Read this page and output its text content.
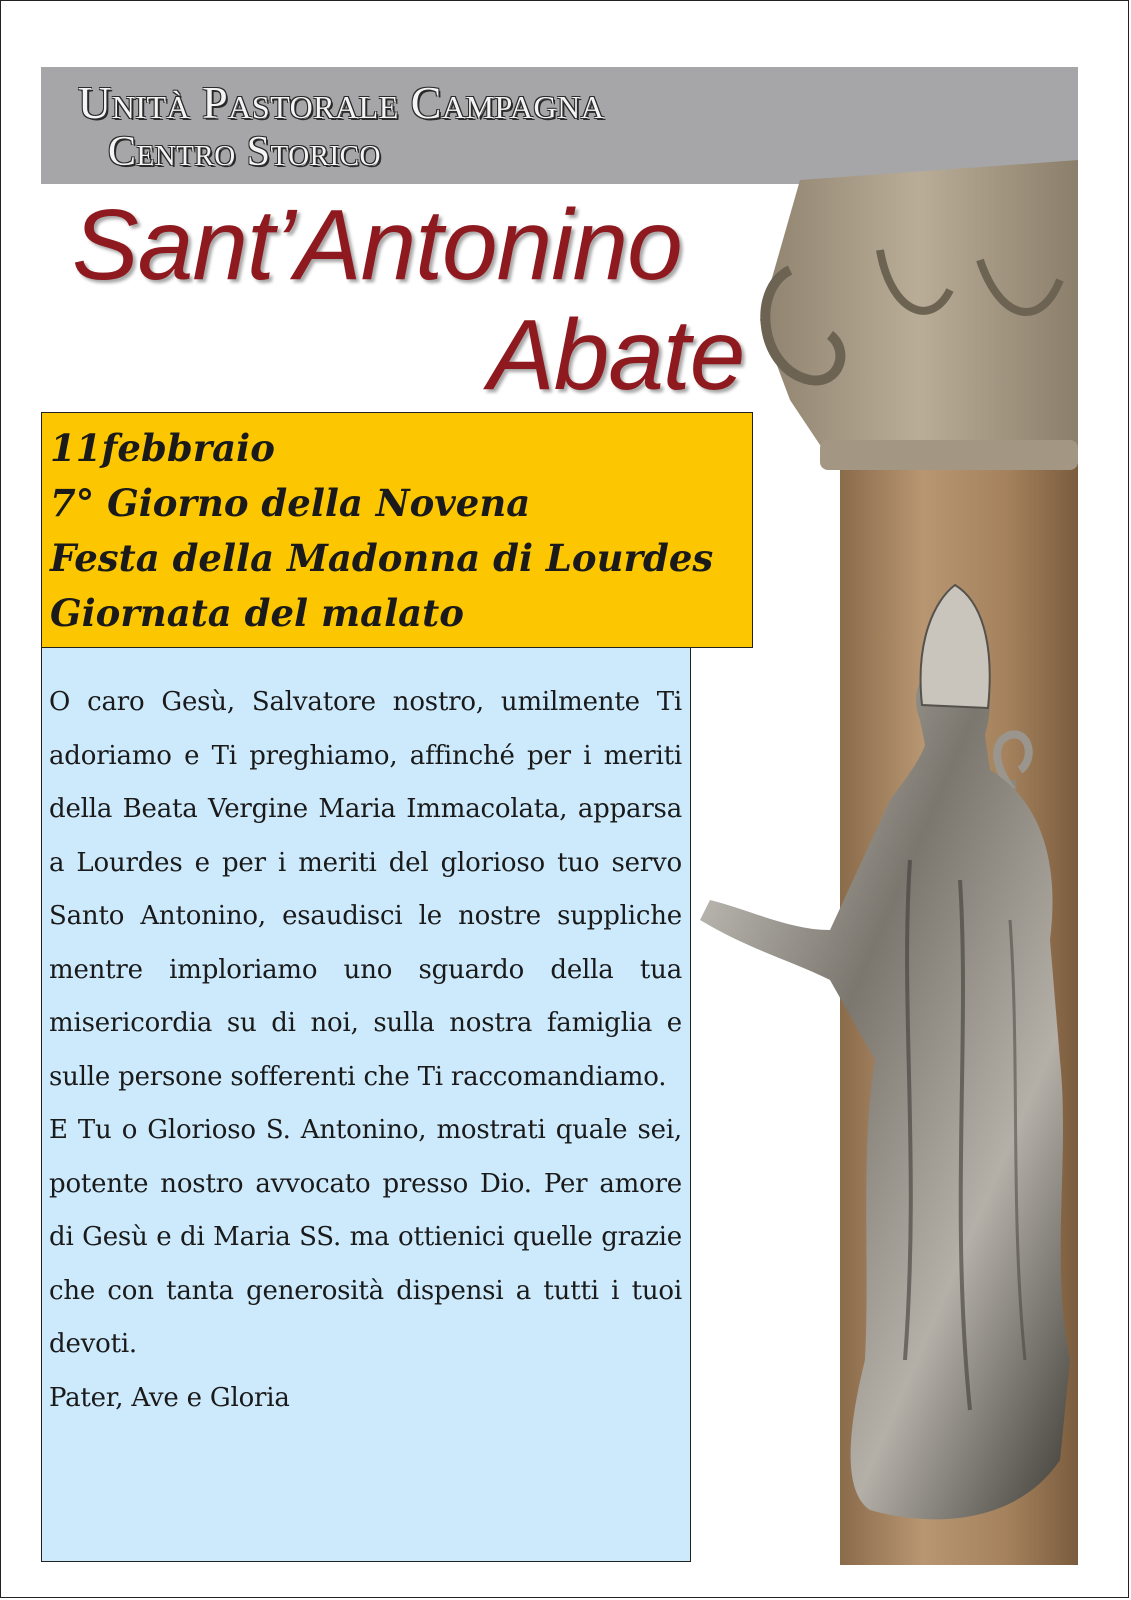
Unità Pastorale Campagna
Centro Storico
Sant’Antonino
Abate
11febbraio
7° Giorno della Novena
Festa della Madonna di Lourdes
Giornata del malato

O caro Gesù, Salvatore nostro, umilmente Ti adoriamo e Ti preghiamo, affinché per i meriti della Beata Vergine Maria Immacolata, apparsa a Lourdes e per i meriti del glorioso tuo servo Santo Antonino, esaudisci le nostre suppliche mentre imploriamo uno sguardo della tua misericordia su di noi, sulla nostra famiglia e sulle persone sofferenti che Ti raccomandiamo.

E Tu o Glorioso S. Antonino, mostrati quale sei, potente nostro avvocato presso Dio. Per amore di Gesù e di Maria SS. ma ottienici quelle grazie che con tanta generosità dispensi a tutti i tuoi devoti.

Pater, Ave e Gloria
